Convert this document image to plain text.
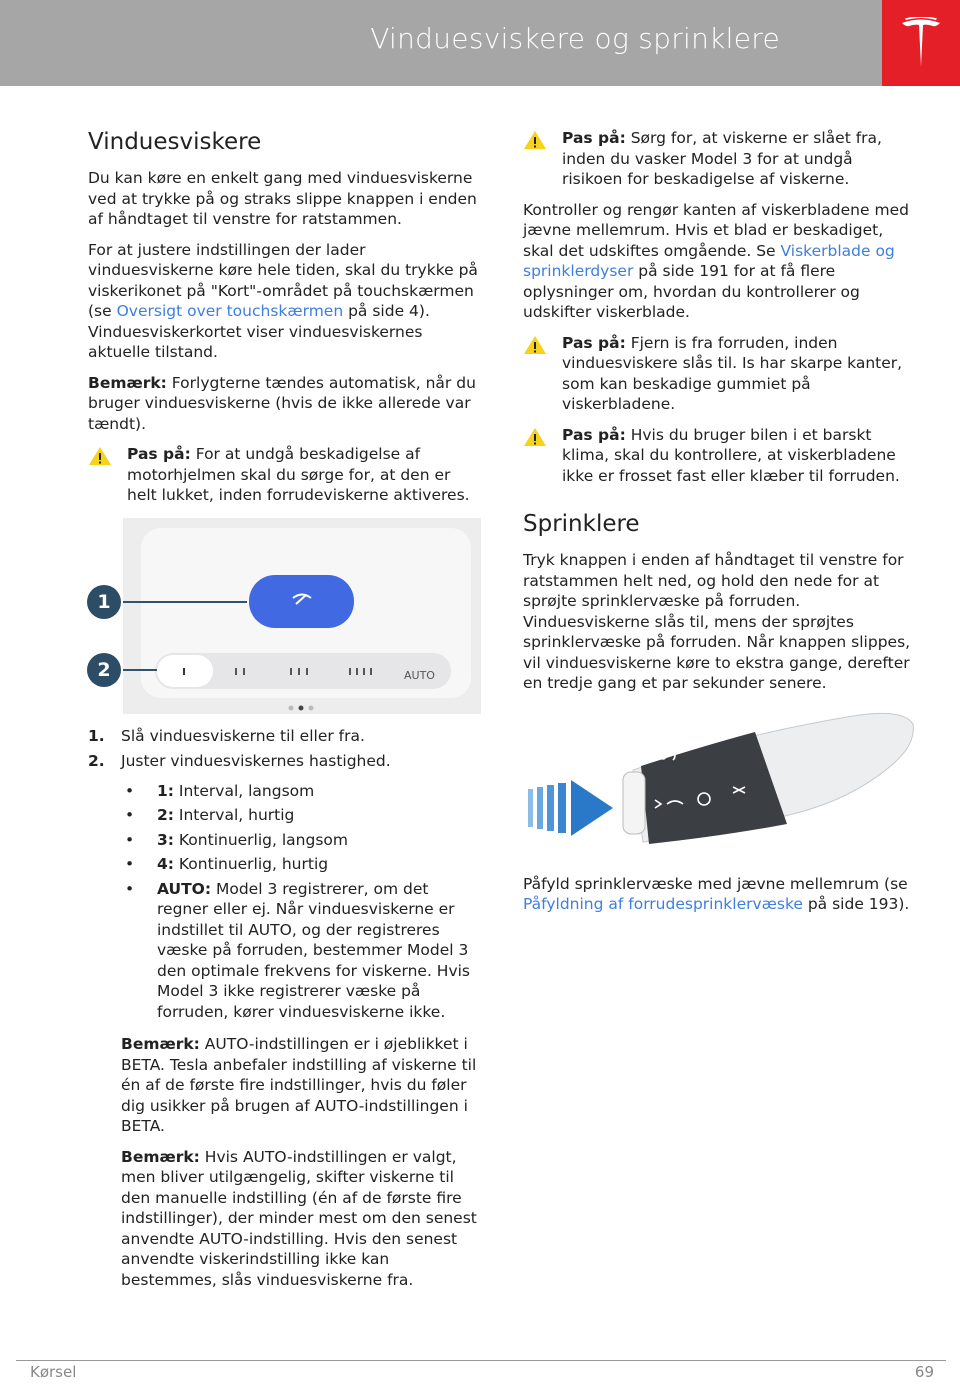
Vinduesviskere og sprinklere
Vinduesviskere

Du kan køre en enkelt gang med vinduesviskerne ved at trykke på og straks slippe knappen i enden af håndtaget til venstre for ratstammen.

For at justere indstillingen der lader vinduesviskerne køre hele tiden, skal du trykke på viskerikonet på "Kort"-området på touchskærmen (se Oversigt over touchskærmen på side 4). Vinduesviskerkortet viser vinduesviskernes aktuelle tilstand.

Bemærk: Forlygterne tændes automatisk, når du bruger vinduesviskerne (hvis de ikke allerede var tændt).

Pas på: For at undgå beskadigelse af motorhjelmen skal du sørge for, at den er helt lukket, inden forrudeviskerne aktiveres.
AUTO
1
2
1. Slå vinduesviskerne til eller fra.
2. Juster vinduesviskernes hastighed.
• 1: Interval, langsom
• 2: Interval, hurtig
• 3: Kontinuerlig, langsom
• 4: Kontinuerlig, hurtig
• AUTO: Model 3 registrerer, om det regner eller ej. Når vinduesviskerne er indstillet til AUTO, og der registreres væske på forruden, bestemmer Model 3 den optimale frekvens for viskerne. Hvis Model 3 ikke registrerer væske på forruden, kører vinduesviskerne ikke.

Bemærk: AUTO-indstillingen er i øjeblikket i BETA. Tesla anbefaler indstilling af viskerne til én af de første fire indstillinger, hvis du føler dig usikker på brugen af AUTO-indstillingen i BETA.

Bemærk: Hvis AUTO-indstillingen er valgt, men bliver utilgængelig, skifter viskerne til den manuelle indstilling (én af de første fire indstillinger), der minder mest om den senest anvendte AUTO-indstilling. Hvis den senest anvendte viskerindstilling ikke kan bestemmes, slås vinduesviskerne fra.

Pas på: Sørg for, at viskerne er slået fra, inden du vasker Model 3 for at undgå risikoen for beskadigelse af viskerne.

Kontroller og rengør kanten af viskerbladene med jævne mellemrum. Hvis et blad er beskadiget, skal det udskiftes omgående. Se Viskerblade og sprinklerdyser på side 191 for at få flere oplysninger om, hvordan du kontrollerer og udskifter viskerblade.

Pas på: Fjern is fra forruden, inden vinduesviskere slås til. Is har skarpe kanter, som kan beskadige gummiet på viskerbladene.
Pas på: Hvis du bruger bilen i et barskt klima, skal du kontrollere, at viskerbladene ikke er frosset fast eller klæber til forruden.
Sprinklere

Tryk knappen i enden af håndtaget til venstre for ratstammen helt ned, og hold den nede for at sprøjte sprinklervæske på forruden. Vinduesviskerne slås til, mens der sprøjtes sprinklervæske på forruden. Når knappen slippes, vil vinduesviskerne køre to ekstra gange, derefter en tredje gang et par sekunder senere.

Påfyld sprinklervæske med jævne mellemrum (se Påfyldning af forrudesprinklervæske på side 193).

Kørsel	69
